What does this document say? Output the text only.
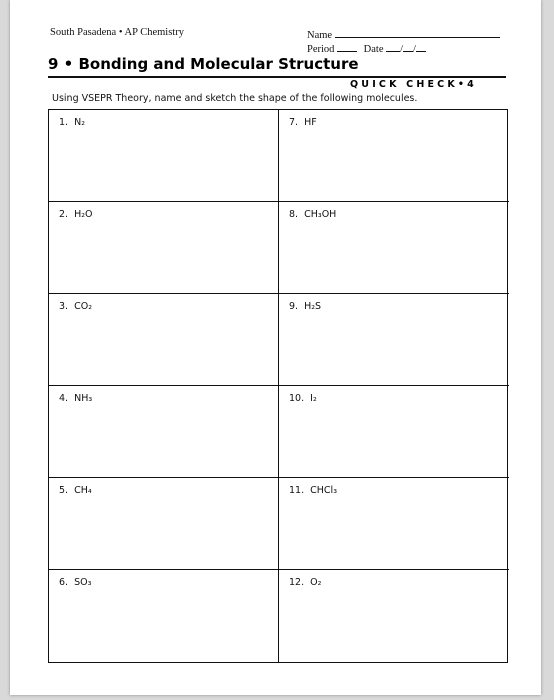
South Pasadena • AP Chemistry	Name
Period	Date / /
9 • Bonding and Molecular Structure
QUICK CHECK•4
Using VSEPR Theory, name and sketch the shape of the following molecules.
1.  N₂	7.  HF
2.  H₂O	8.  CH₃OH
3.  CO₂	9.  H₂S
4.  NH₃	10.  I₂
5.  CH₄	11.  CHCl₃
6.  SO₃	12.  O₂
